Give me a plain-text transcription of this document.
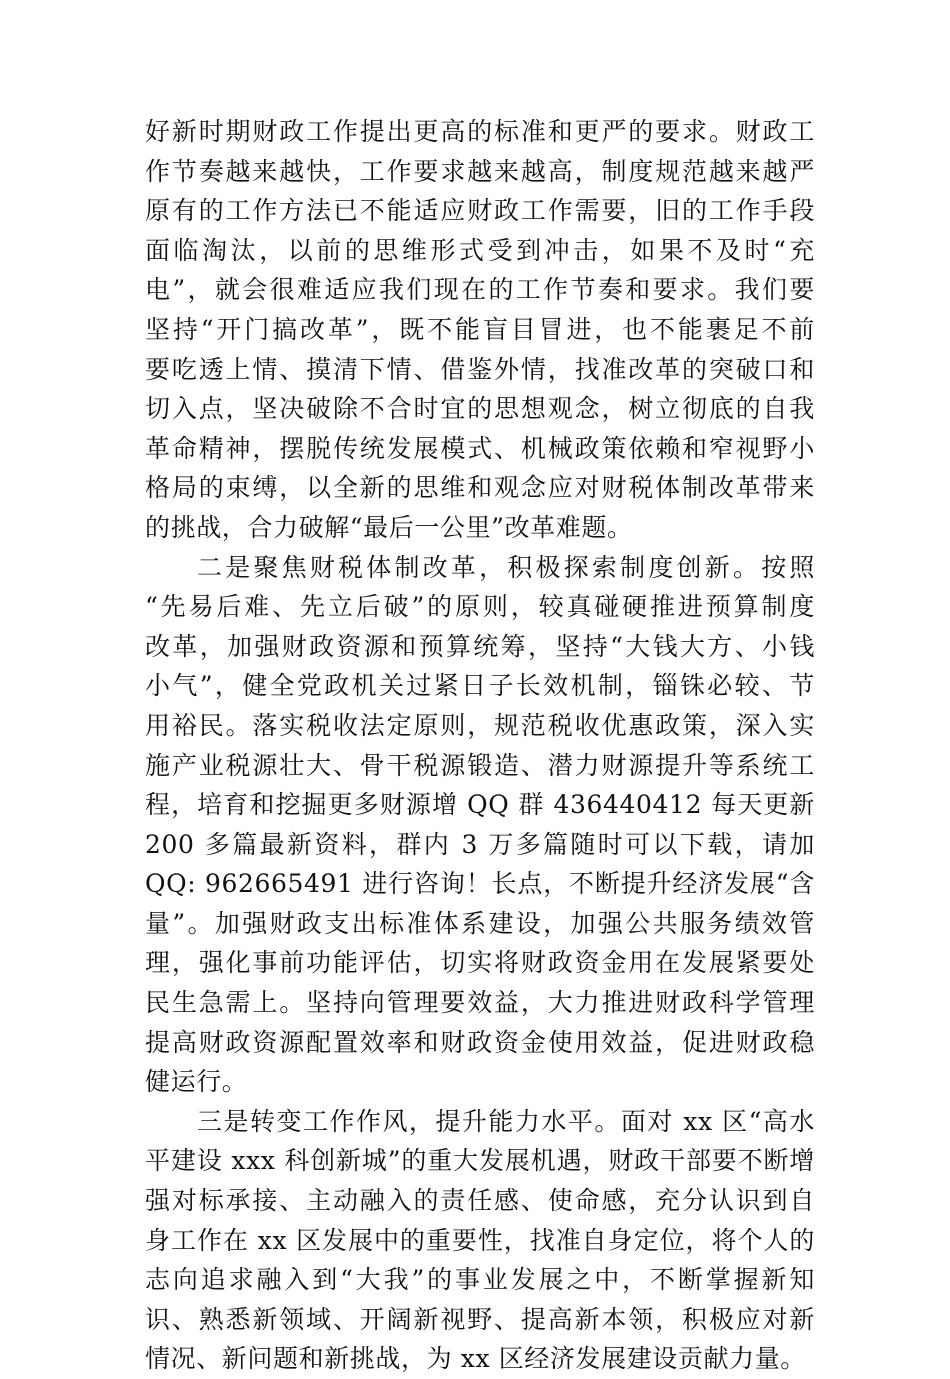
好新时期财政工作提出更高的标准和更严的要求。财政工
作节奏越来越快，工作要求越来越高，制度规范越来越严
原有的工作方法已不能适应财政工作需要，旧的工作手段
面临淘汰，以前的思维形式受到冲击，如果不及时“充
电”，就会很难适应我们现在的工作节奏和要求。我们要
坚持“开门搞改革”，既不能盲目冒进，也不能裹足不前
要吃透上情、摸清下情、借鉴外情，找准改革的突破口和
切入点，坚决破除不合时宜的思想观念，树立彻底的自我
革命精神，摆脱传统发展模式、机械政策依赖和窄视野小
格局的束缚，以全新的思维和观念应对财税体制改革带来
的挑战，合力破解“最后一公里”改革难题。
二是聚焦财税体制改革，积极探索制度创新。按照
“先易后难、先立后破”的原则，较真碰硬推进预算制度
改革，加强财政资源和预算统筹，坚持“大钱大方、小钱
小气”，健全党政机关过紧日子长效机制，锱铢必较、节
用裕民。落实税收法定原则，规范税收优惠政策，深入实
施产业税源壮大、骨干税源锻造、潜力财源提升等系统工
程，培育和挖掘更多财源增 QQ 群 436440412 每天更新
200 多篇最新资料，群内 3 万多篇随时可以下载，请加
QQ: 962665491 进行咨询！长点，不断提升经济发展“含
量”。加强财政支出标准体系建设，加强公共服务绩效管
理，强化事前功能评估，切实将财政资金用在发展紧要处
民生急需上。坚持向管理要效益，大力推进财政科学管理
提高财政资源配置效率和财政资金使用效益，促进财政稳
健运行。
三是转变工作作风，提升能力水平。面对 xx 区“高水
平建设 xxx 科创新城”的重大发展机遇，财政干部要不断增
强对标承接、主动融入的责任感、使命感，充分认识到自
身工作在 xx 区发展中的重要性，找准自身定位，将个人的
志向追求融入到“大我”的事业发展之中，不断掌握新知
识、熟悉新领域、开阔新视野、提高新本领，积极应对新
情况、新问题和新挑战，为 xx 区经济发展建设贡献力量。
